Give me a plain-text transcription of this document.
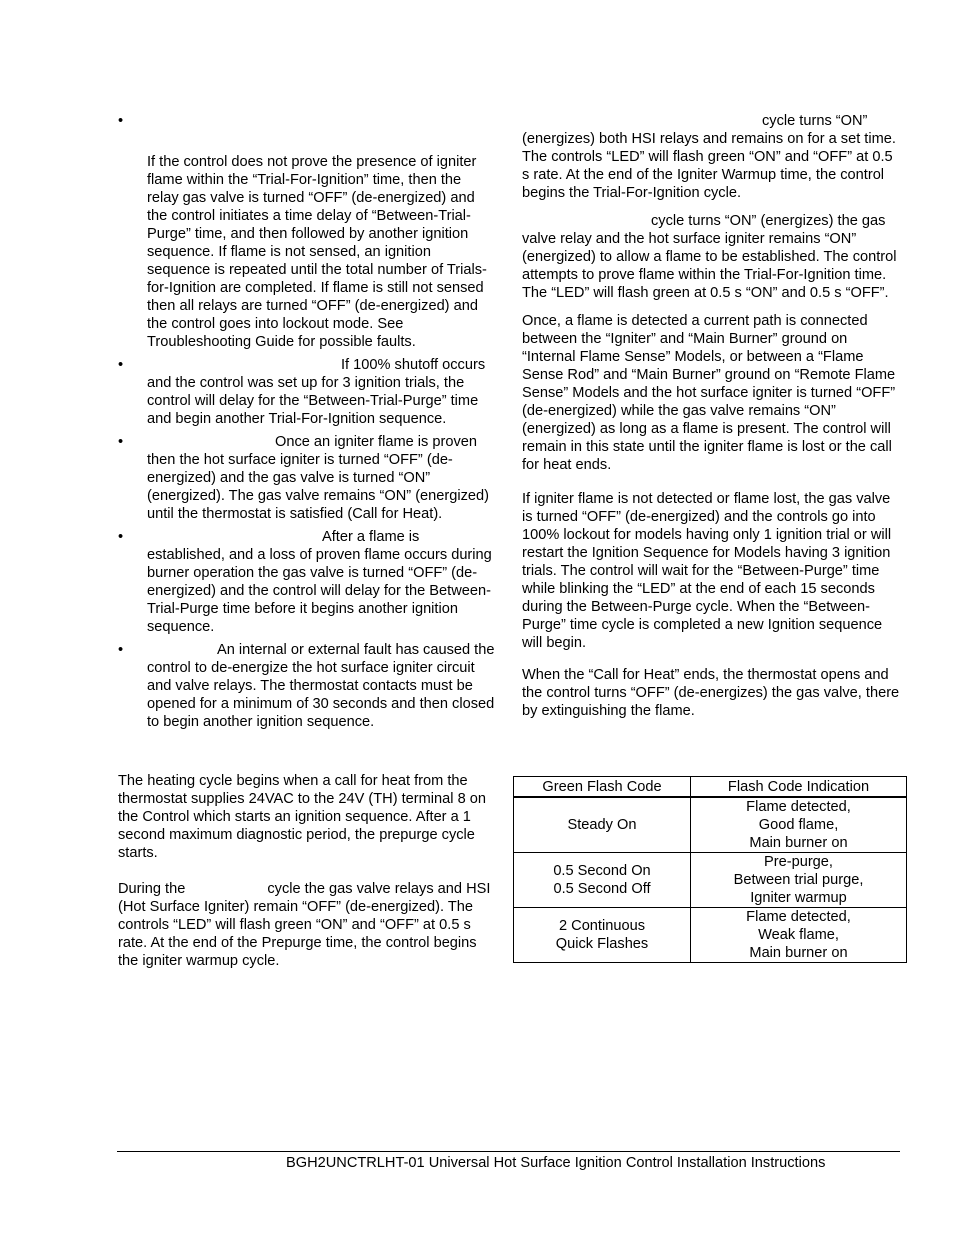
•

If the control does not prove the presence of igniter flame within the “Trial-For-Ignition” time, then the relay gas valve is turned “OFF” (de-energized) and the control initiates a time delay of “Between-Trial-Purge” time, and then followed by another ignition sequence. If flame is not sensed, an ignition sequence is repeated until the total number of Trials-for-Ignition are completed. If flame is still not sensed then all relays are turned “OFF” (de-energized) and the control goes into lockout mode. See Troubleshooting Guide for possible faults.

•	If 100% shutoff occurs and the control was set up for 3 ignition trials, the control will delay for the “Between-Trial-Purge” time and begin another Trial-For-Ignition sequence.

•	Once an igniter flame is proven then the hot surface igniter is turned “OFF” (de-energized) and the gas valve is turned “ON” (energized). The gas valve remains “ON” (energized) until the thermostat is satisfied (Call for Heat).

•	After a flame is established, and a loss of proven flame occurs during burner operation the gas valve is turned “OFF” (de-energized) and the control will delay for the Between-Trial-Purge time before it begins another ignition sequence.

•	An internal or external fault has caused the control to de-energize the hot surface igniter circuit and valve relays. The thermostat contacts must be opened for a minimum of 30 seconds and then closed to begin another ignition sequence.

The heating cycle begins when a call for heat from the thermostat supplies 24VAC to the 24V (TH) terminal 8 on the Control which starts an ignition sequence. After a 1 second maximum diagnostic period, the prepurge cycle starts.

During the	cycle the gas valve relays and HSI (Hot Surface Igniter) remain “OFF” (de-energized). The controls “LED” will flash green “ON” and “OFF” at 0.5 s rate. At the end of the Prepurge time, the control begins the igniter warmup cycle.

cycle turns “ON” (energizes) both HSI relays and remains on for a set time. The controls “LED” will flash green “ON” and “OFF” at 0.5 s rate. At the end of the Igniter Warmup time, the control begins the Trial-For-Ignition cycle.

cycle turns “ON” (energizes) the gas valve relay and the hot surface igniter remains “ON” (energized) to allow a flame to be established. The control attempts to prove flame within the Trial-For-Ignition time. The “LED” will flash green at 0.5 s “ON” and 0.5 s “OFF”.

Once, a flame is detected a current path is connected between the “Igniter” and “Main Burner” ground on “Internal Flame Sense” Models, or between a “Flame Sense Rod” and “Main Burner” ground on “Remote Flame Sense” Models and the hot surface igniter is turned “OFF” (de-energized) while the gas valve remains “ON” (energized) as long as a flame is present. The control will remain in this state until the igniter flame is lost or the call for heat ends.

If igniter flame is not detected or flame lost, the gas valve is turned “OFF” (de-energized) and the controls go into 100% lockout for models having only 1 ignition trial or will restart the Ignition Sequence for Models having 3 ignition trials. The control will wait for the “Between-Purge” time while blinking the “LED” at the end of each 15 seconds during the Between-Purge cycle. When the “Between-Purge” time cycle is completed a new Ignition sequence will begin.

When the “Call for Heat” ends, the thermostat opens and the control turns “OFF” (de-energizes) the gas valve, there by extinguishing the flame.

Green Flash Code	Flash Code Indication
Steady On	Flame detected,
Good flame,
Main burner on
0.5 Second On
0.5 Second Off	Pre-purge,
Between trial purge,
Igniter warmup
2 Continuous
Quick Flashes	Flame detected,
Weak flame,
Main burner on
BGH2UNCTRLHT-01 Universal Hot Surface Ignition Control Installation Instructions
